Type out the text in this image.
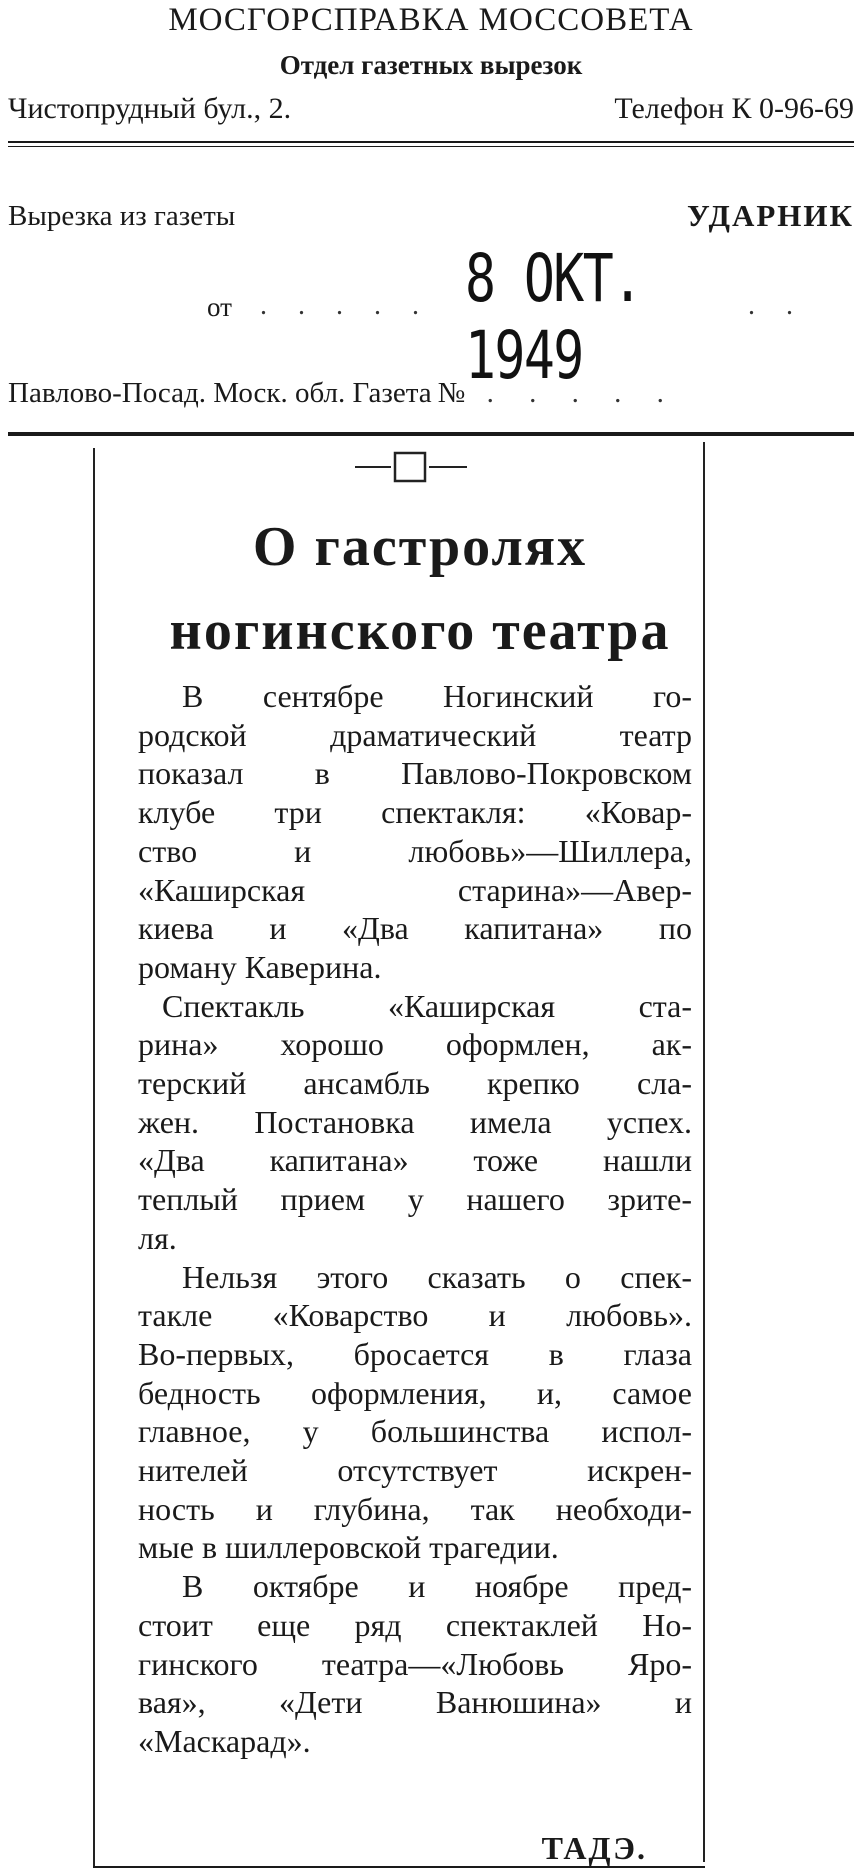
МОСГОРСПРАВКА МОССОВЕТА
Отдел газетных вырезок
Чистопрудный бул., 2.	Телефон К 0-96-69
Вырезка из газеты	УДАРНИК
от . . . . . 8 ОКТ. 1949
. .
Павлово-Посад. Моск. обл. Газета № . . . . .
О гастролях
ногинского театра
В сентябре Ногинский го-
родской драматический театр
показал в Павлово-Покровском
клубе три спектакля: «Ковар-
ство и любовь»—Шиллера,
«Каширская старина»—Авер-
киева и «Два капитана» по
роману Каверина.
Спектакль «Каширская ста-
рина» хорошо оформлен, ак-
терский ансамбль крепко сла-
жен. Постановка имела успех.
«Два капитана» тоже нашли
теплый прием у нашего зрите-
ля.
Нельзя этого сказать о спек-
такле «Коварство и любовь».
Во-первых, бросается в глаза
бедность оформления, и, самое
главное, у большинства испол-
нителей отсутствует искрен-
ность и глубина, так необходи-
мые в шиллеровской трагедии.
В октябре и ноябре пред-
стоит еще ряд спектаклей Но-
гинского театра—«Любовь Яро-
вая», «Дети Ванюшина» и
«Маскарад».
ТАДЭ.
